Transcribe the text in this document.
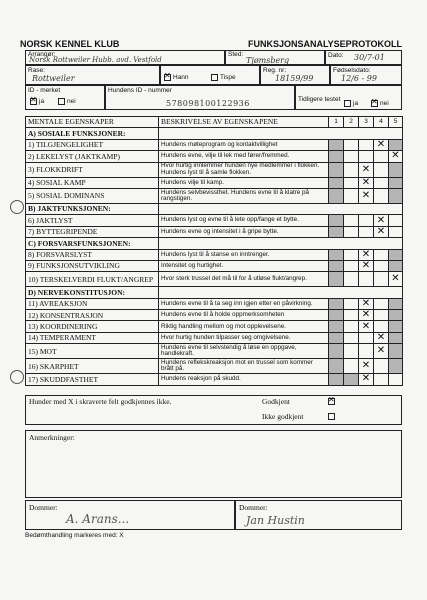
NORSK KENNEL KLUB	FUNKSJONSANALYSEPROTOKOLL
Arrangør:
Norsk Rottweiler Hubb. avd. Vestfold
Sted:
Tjømsberg
Dato: 30/7-01
Rase:
Rottweiler ✕	Hann	Tispe
Reg. nr:
18159/99
Fødselsdato:
12/6 - 99
ID - merket
✕ja	nei
Hundens ID - nummer
578098100122936	Tidligere testet
ja ✕	nei
MENTALE EGENSKAPER	BESKRIVELSE AV EGENSKAPENE	1	2	3	4	5
A) SOSIALE FUNKSJONER:						
1) TILGJENGELIGHET	Hundens møteprogram og kontaktvillighet				✕	
2) LEKELYST (JAKTKAMP)	Hundens evne, vilje til lek med fører/fremmed.					✕
3) FLOKKDRIFT	Hvor hurtig innlemmer hunden nye medlemmer i flokken. Hundens lyst til å samle flokken.			✕		
4) SOSIAL KAMP	Hundens vilje til kamp.			✕		
5) SOSIAL DOMINANS	Hundens selvbevissthet. Hundens evne til å klatre på rangstigen.			✕		
B) JAKTFUNKSJONEN:						
6) JAKTLYST	Hundens lyst og evne til å lete opp/fange et bytte.				✕	
7) BYTTEGRIPENDE	Hundens evne og intensitet i å gripe bytte.				✕	
C) FORSVARSFUNKSJONEN:						
8) FORSVARSLYST	Hundens lyst til å stanse en inntrenger.			✕		
9) FUNKSJONSUTVIKLING	Intensitet og hurtighet.			✕		
10) TERSKELVERDI FLUKT/ANGREP	Hvor sterk trussel det må til for å utløse flukt/angrep.					✕
D) NERVEKONSTITUSJON:						
11) AVREAKSJON	Hundens evne til å ta seg inn igjen etter en påvirkning.			✕		
12) KONSENTRASJON	Hundens evne til å holde oppmerksomheten			✕		
13) KOORDINERING	Riktig handling mellom og mot opplevelsene.			✕		
14) TEMPERAMENT	Hvor hurtig hunden tilpasser seg omgivelsene.				✕	
15) MOT	Hundens evne til selvstendig å løse en oppgave, handlekraft.				✕	
16) SKARPHET	Hundens reflekskreaksjon mot en trussel som kommer brått på.			✕		
17) SKUDDFASTHET	Hundens reaksjon på skudd.			✕		
Hunder med X i skraverte felt godkjennes ikke.	Godkjent
✕
Ikke godkjent
Anmerkninger:
Dommer:
A. Arans...
Dommer:
Jan Hustin
Bedømthandling markeres med: X
